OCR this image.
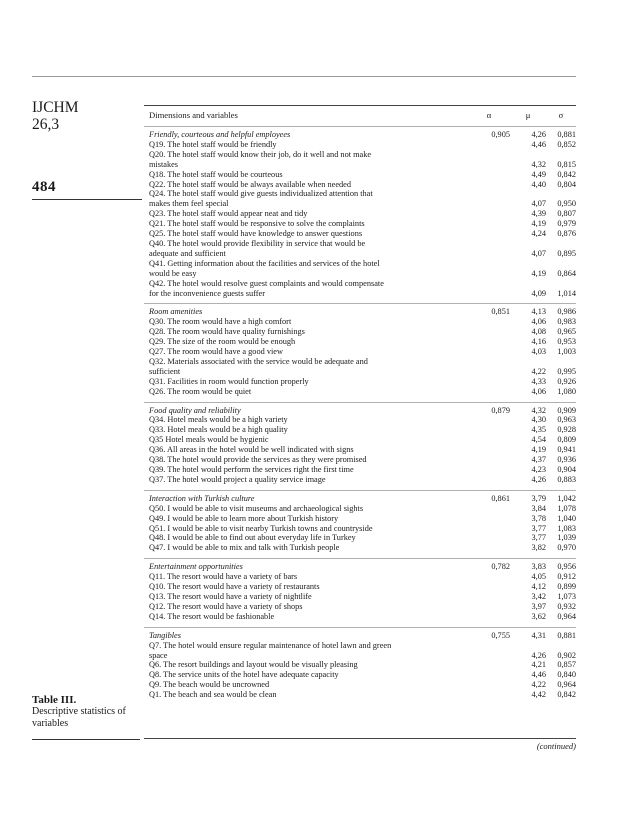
IJCHM
26,3
484
Table III.
Descriptive statistics of variables
Dimensions and variables	α	μ	σ

Friendly, courteous and helpful employees	0,905	4,26	0,881
Q19. The hotel staff would be friendly		4,46	0,852
Q20. The hotel staff would know their job, do it well and not make			
mistakes		4,32	0,815
Q18. The hotel staff would be courteous		4,49	0,842
Q22. The hotel staff would be always available when needed		4,40	0,804
Q24. The hotel staff would give guests individualized attention that			
makes them feel special		4,07	0,950
Q23. The hotel staff would appear neat and tidy		4,39	0,807
Q21. The hotel staff would be responsive to solve the complaints		4,19	0,979
Q25. The hotel staff would have knowledge to answer questions		4,24	0,876
Q40. The hotel would provide flexibility in service that would be			
adequate and sufficient		4,07	0,895
Q41. Getting information about the facilities and services of the hotel			
would be easy		4,19	0,864
Q42. The hotel would resolve guest complaints and would compensate			
for the inconvenience guests suffer		4,09	1,014

Room amenities	0,851	4,13	0,986
Q30. The room would have a high comfort		4,06	0,983
Q28. The room would have quality furnishings		4,08	0,965
Q29. The size of the room would be enough		4,16	0,953
Q27. The room would have a good view		4,03	1,003
Q32. Materials associated with the service would be adequate and			
sufficient		4,22	0,995
Q31. Facilities in room would function properly		4,33	0,926
Q26. The room would be quiet		4,06	1,080

Food quality and reliability	0,879	4,32	0,909
Q34. Hotel meals would be a high variety		4,30	0,963
Q33. Hotel meals would be a high quality		4,35	0,928
Q35 Hotel meals would be hygienic		4,54	0,809
Q36. All areas in the hotel would be well indicated with signs		4,19	0,941
Q38. The hotel would provide the services as they were promised		4,37	0,936
Q39. The hotel would perform the services right the first time		4,23	0,904
Q37. The hotel would project a quality service image		4,26	0,883

Interaction with Turkish culture	0,861	3,79	1,042
Q50. I would be able to visit museums and archaeological sights		3,84	1,078
Q49. I would be able to learn more about Turkish history		3,78	1,040
Q51. I would be able to visit nearby Turkish towns and countryside		3,77	1,083
Q48. I would be able to find out about everyday life in Turkey		3,77	1,039
Q47. I would be able to mix and talk with Turkish people		3,82	0,970

Entertainment opportunities	0,782	3,83	0,956
Q11. The resort would have a variety of bars		4,05	0,912
Q10. The resort would have a variety of restaurants		4,12	0,899
Q13. The resort would have a variety of nightlife		3,42	1,073
Q12. The resort would have a variety of shops		3,97	0,932
Q14. The resort would be fashionable		3,62	0,964

Tangibles	0,755	4,31	0,881
Q7. The hotel would ensure regular maintenance of hotel lawn and green			
space		4,26	0,902
Q6. The resort buildings and layout would be visually pleasing		4,21	0,857
Q8. The service units of the hotel have adequate capacity		4,46	0,840
Q9. The beach would be uncrowned		4,22	0,964
Q1. The beach and sea would be clean		4,42	0,842

(continued)
